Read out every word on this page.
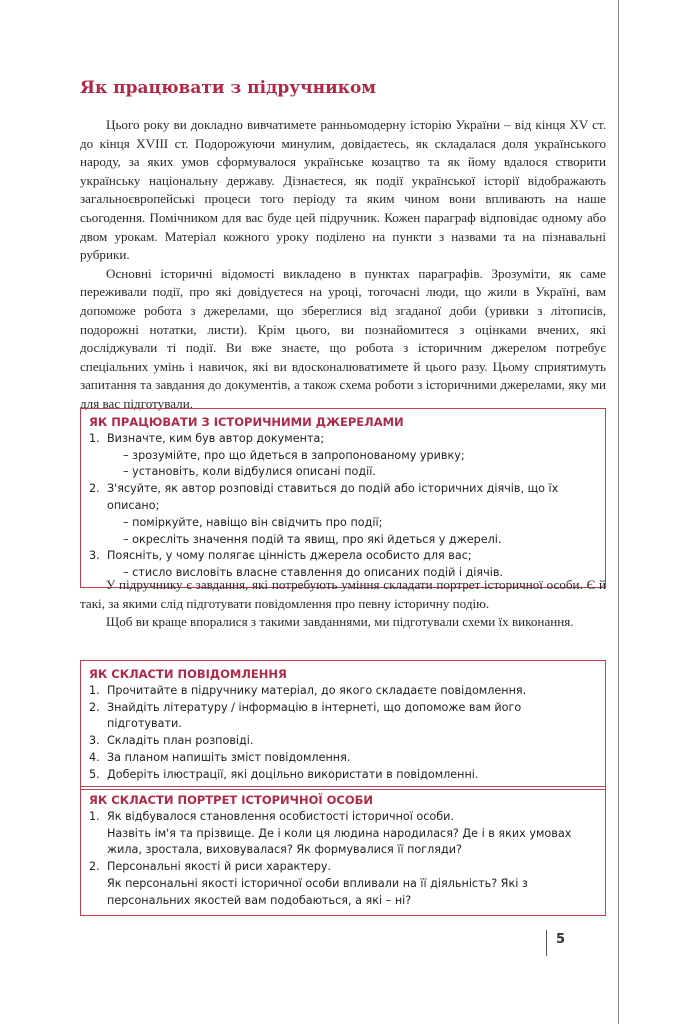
Як працювати з підручником

Цього року ви докладно вивчатимете ранньомодерну історію України – від кінця XV ст. до кінця XVIII ст. Подорожуючи минулим, довідаєтесь, як складалася доля українського народу, за яких умов сформувалося українське козацтво та як йому вдалося створити українську національну державу. Дізнаєтеся, як події української історії відображають загальноєвропейські процеси того періоду та яким чином вони впливають на наше сьогодення. Помічником для вас буде цей підручник. Кожен параграф відповідає одному або двом урокам. Матеріал кожного уроку поділено на пункти з назвами та на пізнавальні рубрики.

Основні історичні відомості викладено в пунктах параграфів. Зрозуміти, як саме переживали події, про які довідуєтеся на уроці, тогочасні люди, що жили в Україні, вам допоможе робота з джерелами, що збереглися від згаданої доби (уривки з літописів, подорожні нотатки, листи). Крім цього, ви познайомитеся з оцінками вчених, які досліджували ті події. Ви вже знаєте, що робота з історичним джерелом потребує спеціальних умінь і навичок, які ви вдосконалюватимете й цього разу. Цьому сприятимуть запитання та завдання до документів, а також схема роботи з історичними джерелами, яку ми для вас підготували.

ЯК ПРАЦЮВАТИ З ІСТОРИЧНИМИ ДЖЕРЕЛАМИ
1. Визначте, ким був автор документа;
– зрозумійте, про що йдеться в запропонованому уривку;
– установіть, коли відбулися описані події.
2. З'ясуйте, як автор розповіді ставиться до подій або історичних діячів, що їх описано;
– поміркуйте, навіщо він свідчить про події;
– окресліть значення подій та явищ, про які йдеться у джерелі.
3. Поясніть, у чому полягає цінність джерела особисто для вас;
– стисло висловіть власне ставлення до описаних подій і діячів.

У підручнику є завдання, які потребують уміння складати портрет історичної особи. Є й такі, за якими слід підготувати повідомлення про певну історичну подію.

Щоб ви краще впоралися з такими завданнями, ми підготували схеми їх виконання.

ЯК СКЛАСТИ ПОВІДОМЛЕННЯ
1. Прочитайте в підручнику матеріал, до якого складаєте повідомлення.
2. Знайдіть літературу / інформацію в інтернеті, що допоможе вам його підготувати.
3. Складіть план розповіді.
4. За планом напишіть зміст повідомлення.
5. Доберіть ілюстрації, які доцільно використати в повідомленні.
ЯК СКЛАСТИ ПОРТРЕТ ІСТОРИЧНОЇ ОСОБИ
1. Як відбувалося становлення особистості історичної особи.
Назвіть ім'я та прізвище. Де і коли ця людина народилася? Де і в яких умовах жила, зростала, виховувалася? Як формувалися її погляди?
2. Персональні якості й риси характеру.
Як персональні якості історичної особи впливали на її діяльність? Які з персональних якостей вам подобаються, а які – ні?
5
